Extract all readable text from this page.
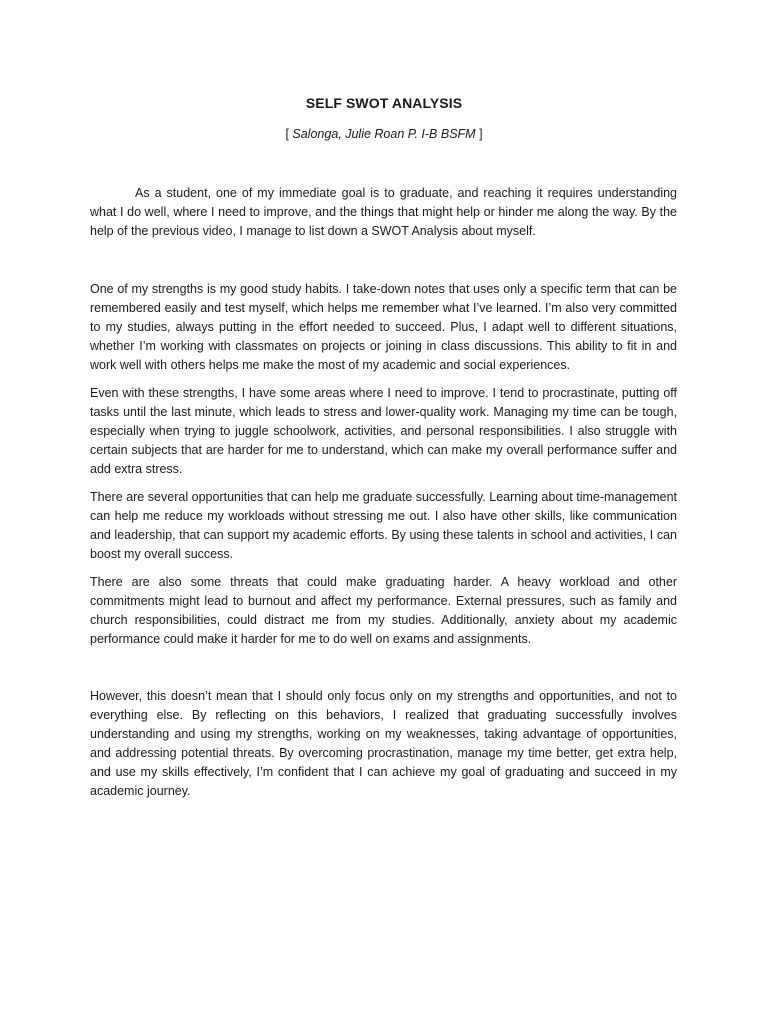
SELF SWOT ANALYSIS
[ Salonga, Julie Roan P. I-B BSFM ]

As a student, one of my immediate goal is to graduate, and reaching it requires understanding what I do well, where I need to improve, and the things that might help or hinder me along the way. By the help of the previous video, I manage to list down a SWOT Analysis about myself.

One of my strengths is my good study habits. I take-down notes that uses only a specific term that can be remembered easily and test myself, which helps me remember what I’ve learned. I’m also very committed to my studies, always putting in the effort needed to succeed. Plus, I adapt well to different situations, whether I’m working with classmates on projects or joining in class discussions. This ability to fit in and work well with others helps me make the most of my academic and social experiences.

Even with these strengths, I have some areas where I need to improve. I tend to procrastinate, putting off tasks until the last minute, which leads to stress and lower-quality work. Managing my time can be tough, especially when trying to juggle schoolwork, activities, and personal responsibilities. I also struggle with certain subjects that are harder for me to understand, which can make my overall performance suffer and add extra stress.

There are several opportunities that can help me graduate successfully. Learning about time-management can help me reduce my workloads without stressing me out. I also have other skills, like communication and leadership, that can support my academic efforts. By using these talents in school and activities, I can boost my overall success.

There are also some threats that could make graduating harder. A heavy workload and other commitments might lead to burnout and affect my performance. External pressures, such as family and church responsibilities, could distract me from my studies. Additionally, anxiety about my academic performance could make it harder for me to do well on exams and assignments.

However, this doesn’t mean that I should only focus only on my strengths and opportunities, and not to everything else. By reflecting on this behaviors, I realized that graduating successfully involves understanding and using my strengths, working on my weaknesses, taking advantage of opportunities, and addressing potential threats. By overcoming procrastination, manage my time better, get extra help, and use my skills effectively, I’m confident that I can achieve my goal of graduating and succeed in my academic journey.
